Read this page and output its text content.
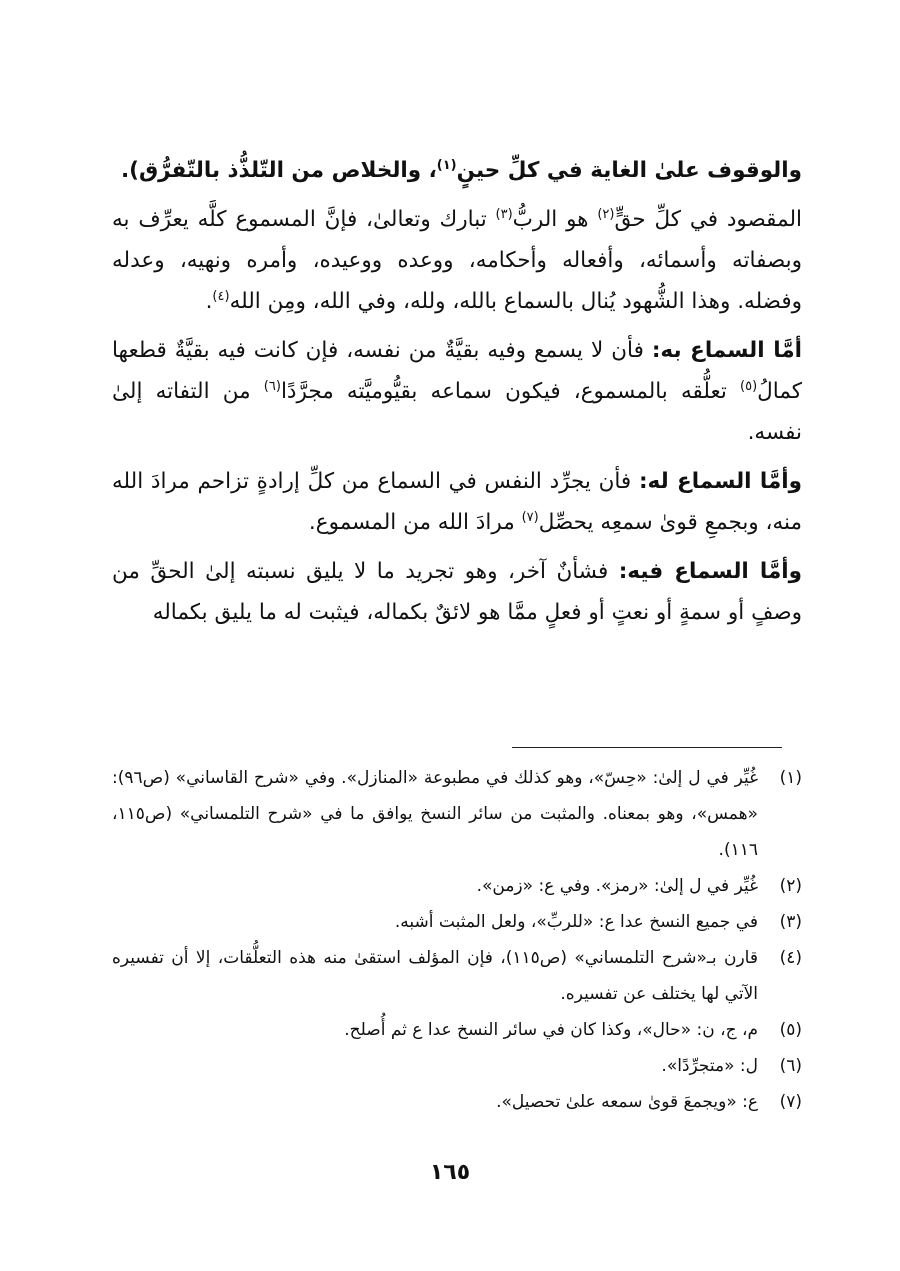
والوقوف علىٰ الغاية في كلِّ حينٍ$^{(١)}$، والخلاص من التّلذُّذ بالتّفرُّق).

المقصود في كلِّ حقٍّ$^{(٢)}$ هو الربُّ$^{(٣)}$ تبارك وتعالىٰ، فإنَّ المسموع كلَّه يعرِّف به وبصفاته وأسمائه، وأفعاله وأحكامه، ووعده ووعيده، وأمره ونهيه، وعدله وفضله. وهذا الشُّهود يُنال بالسماع بالله، ولله، وفي الله، ومِن الله$^{(٤)}$.

أمَّا السماع به: فأن لا يسمع وفيه بقيَّةٌ من نفسه، فإن كانت فيه بقيَّةٌ قطعها كمالُ$^{(٥)}$ تعلُّقه بالمسموع، فيكون سماعه بقيُّوميَّته مجرَّدًا$^{(٦)}$ من التفاته إلىٰ نفسه.

وأمَّا السماع له: فأن يجرِّد النفس في السماع من كلِّ إرادةٍ تزاحم مرادَ الله منه، وبجمعِ قوىٰ سمعِه يحصِّل$^{(٧)}$ مرادَ الله من المسموع.

وأمَّا السماع فيه: فشأنٌ آخر، وهو تجريد ما لا يليق نسبته إلىٰ الحقِّ من وصفٍ أو سمةٍ أو نعتٍ أو فعلٍ ممَّا هو لائقٌ بكماله، فيثبت له ما يليق بكماله

(١)
غُيِّر في ل إلىٰ: «حِسّ»، وهو كذلك في مطبوعة «المنازل». وفي «شرح القاساني» (ص٩٦): «همس»، وهو بمعناه. والمثبت من سائر النسخ يوافق ما في «شرح التلمساني» (ص١١٥، ١١٦).
(٢)
غُيِّر في ل إلىٰ: «رمز». وفي ع: «زمن».
(٣)
في جميع النسخ عدا ع: «للربِّ»، ولعل المثبت أشبه.
(٤)
قارن بـ«شرح التلمساني» (ص١١٥)، فإن المؤلف استقىٰ منه هذه التعلُّقات، إلا أن تفسيره الآتي لها يختلف عن تفسيره.
(٥)
م، ج، ن: «حال»، وكذا كان في سائر النسخ عدا ع ثم أُصلح.
(٦)
ل: «متجرِّدًا».
(٧)
ع: «ويجمعَ قوىٰ سمعه علىٰ تحصيل».
١٦٥
